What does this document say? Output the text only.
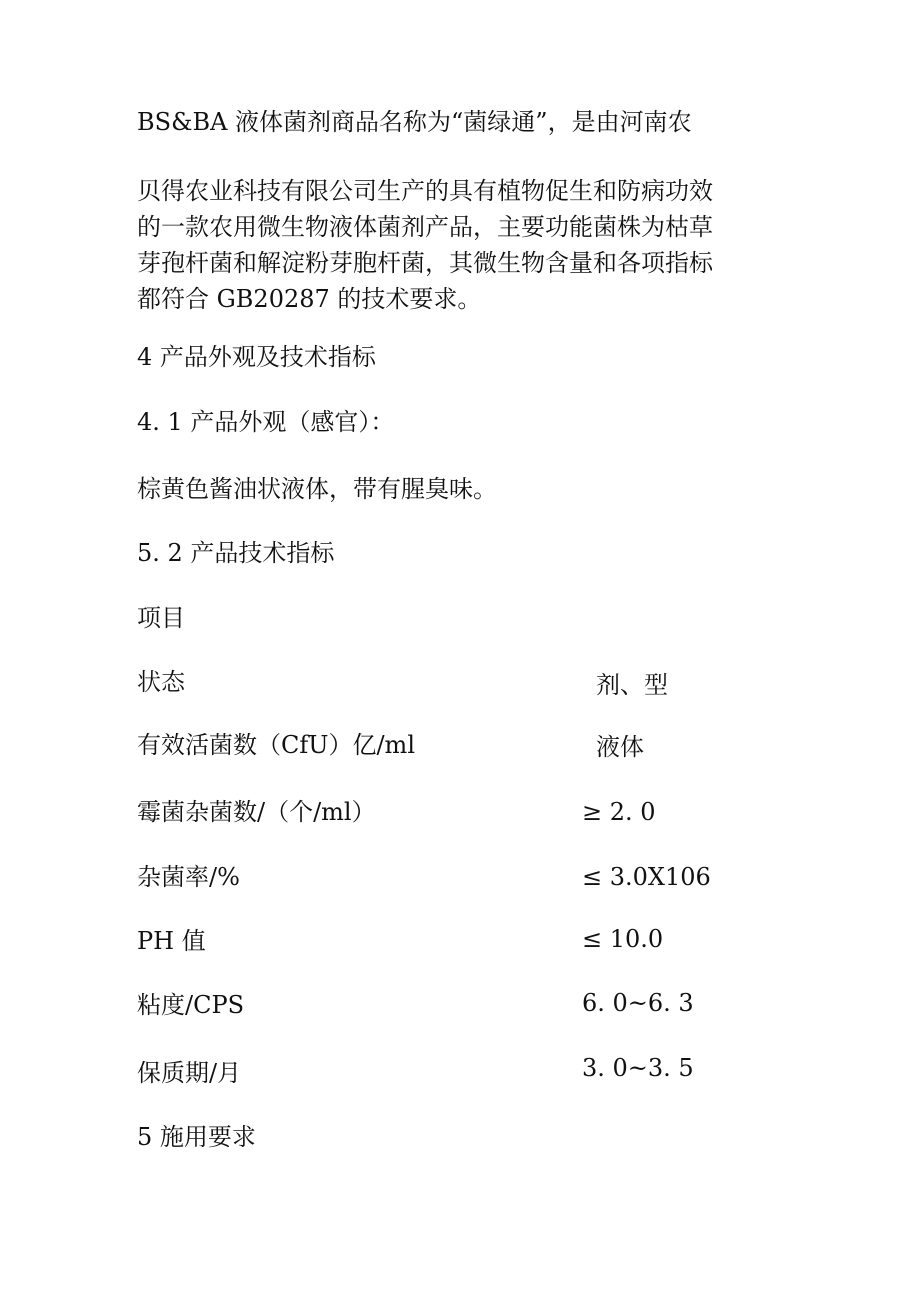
BS&BA 液体菌剂商品名称为“菌绿通”，是由河南农

贝得农业科技有限公司生产的具有植物促生和防病功效
的一款农用微生物液体菌剂产品，主要功能菌株为枯草
芽孢杆菌和解淀粉芽胞杆菌，其微生物含量和各项指标
都符合 GB20287 的技术要求。

4 产品外观及技术指标

4. 1 产品外观（感官）：

棕黄色酱油状液体，带有腥臭味。

5. 2 产品技术指标

项目

状态

有效活菌数（CfU）亿/ml

霉菌杂菌数/（个/ml）

杂菌率/%

PH 值

粘度/CPS

保质期/月

剂、型

液体

≥ 2. 0

≤ 3.0X106

≤ 10.0

6. 0~6. 3

3. 0~3. 5

5 施用要求
